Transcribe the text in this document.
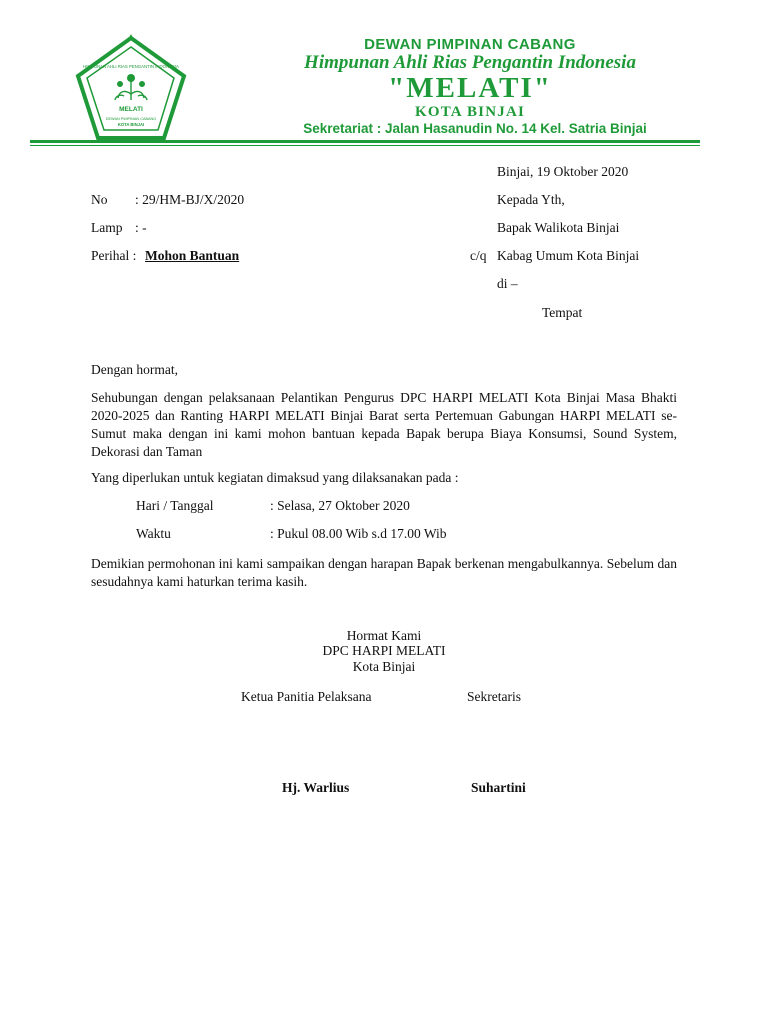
HIMPUNAN AHLI RIAS PENGANTIN INDONESIA
MELATI
DEWAN PIMPINAN CABANG
KOTA BINJAI
DEWAN PIMPINAN CABANG
Himpunan Ahli Rias Pengantin Indonesia
"MELATI"
KOTA BINJAI
Sekretariat : Jalan Hasanudin No. 14 Kel. Satria Binjai
Binjai, 19 Oktober 2020
Kepada Yth,
Bapak Walikota Binjai
c/q Kabag Umum Kota Binjai
di –
Tempat
No : 29/HM-BJ/X/2020
Lamp : -
Perihal : Mohon Bantuan
Dengan hormat,
Sehubungan dengan pelaksanaan Pelantikan Pengurus DPC HARPI MELATI Kota Binjai Masa Bhakti 2020-2025 dan Ranting HARPI MELATI Binjai Barat serta Pertemuan Gabungan HARPI MELATI se-Sumut maka dengan ini kami mohon bantuan kepada Bapak berupa Biaya Konsumsi, Sound System, Dekorasi dan Taman
Yang diperlukan untuk kegiatan dimaksud yang dilaksanakan pada :
Hari / Tanggal	: Selasa, 27 Oktober 2020
Waktu	: Pukul 08.00 Wib s.d 17.00 Wib
Demikian permohonan ini kami sampaikan dengan harapan Bapak berkenan mengabulkannya. Sebelum dan sesudahnya kami haturkan terima kasih.
Hormat Kami
DPC HARPI MELATI
Kota Binjai
Ketua Panitia Pelaksana	Sekretaris
Hj. Warlius	Suhartini
